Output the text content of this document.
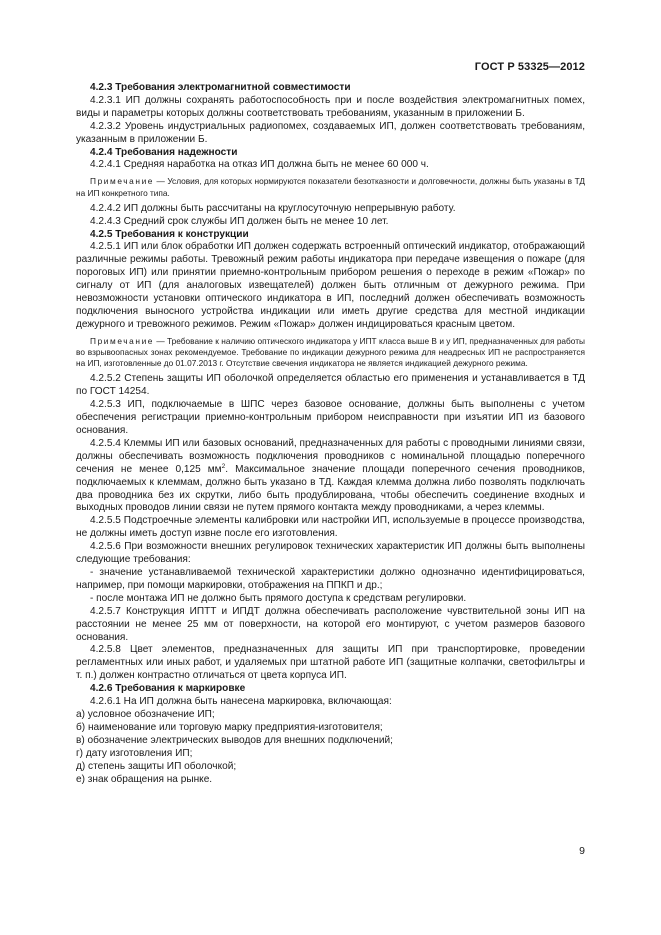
ГОСТ Р 53325—2012

4.2.3 Требования электромагнитной совместимости

4.2.3.1 ИП должны сохранять работоспособность при и после воздействия электромагнитных помех, виды и параметры которых должны соответствовать требованиям, указанным в приложении Б.

4.2.3.2 Уровень индустриальных радиопомех, создаваемых ИП, должен соответствовать требованиям, указанным в приложении Б.

4.2.4 Требования надежности

4.2.4.1 Средняя наработка на отказ ИП должна быть не менее 60 000 ч.

Примечание — Условия, для которых нормируются показатели безотказности и долговечности, должны быть указаны в ТД на ИП конкретного типа.

4.2.4.2 ИП должны быть рассчитаны на круглосуточную непрерывную работу.

4.2.4.3 Средний срок службы ИП должен быть не менее 10 лет.

4.2.5 Требования к конструкции

4.2.5.1 ИП или блок обработки ИП должен содержать встроенный оптический индикатор, отображающий различные режимы работы. Тревожный режим работы индикатора при передаче извещения о пожаре (для пороговых ИП) или принятии приемно-контрольным прибором решения о переходе в режим «Пожар» по сигналу от ИП (для аналоговых извещателей) должен быть отличным от дежурного режима. При невозможности установки оптического индикатора в ИП, последний должен обеспечивать возможность подключения выносного устройства индикации или иметь другие средства для местной индикации дежурного и тревожного режимов. Режим «Пожар» должен индицироваться красным цветом.

Примечание — Требование к наличию оптического индикатора у ИПТ класса выше В и у ИП, предназначенных для работы во взрывоопасных зонах рекомендуемое. Требование по индикации дежурного режима для неадресных ИП не распространяется на ИП, изготовленные до 01.07.2013 г. Отсутствие свечения индикатора не является индикацией дежурного режима.

4.2.5.2 Степень защиты ИП оболочкой определяется областью его применения и устанавливается в ТД по ГОСТ 14254.

4.2.5.3 ИП, подключаемые в ШПС через базовое основание, должны быть выполнены с учетом обеспечения регистрации приемно-контрольным прибором неисправности при изъятии ИП из базового основания.

4.2.5.4 Клеммы ИП или базовых оснований, предназначенных для работы с проводными линиями связи, должны обеспечивать возможность подключения проводников с номинальной площадью поперечного сечения не менее 0,125 $мм^2$. Максимальное значение площади поперечного сечения проводников, подключаемых к клеммам, должно быть указано в ТД. Каждая клемма должна либо позволять подключать два проводника без их скрутки, либо быть продублирована, чтобы обеспечить соединение входных и выходных проводов линии связи не путем прямого контакта между проводниками, а через клеммы.

4.2.5.5 Подстроечные элементы калибровки или настройки ИП, используемые в процессе производства, не должны иметь доступ извне после его изготовления.

4.2.5.6 При возможности внешних регулировок технических характеристик ИП должны быть выполнены следующие требования:

- значение устанавливаемой технической характеристики должно однозначно идентифицироваться, например, при помощи маркировки, отображения на ППКП и др.;

- после монтажа ИП не должно быть прямого доступа к средствам регулировки.

4.2.5.7 Конструкция ИПТТ и ИПДТ должна обеспечивать расположение чувствительной зоны ИП на расстоянии не менее 25 мм от поверхности, на которой его монтируют, с учетом размеров базового основания.

4.2.5.8 Цвет элементов, предназначенных для защиты ИП при транспортировке, проведении регламентных или иных работ, и удаляемых при штатной работе ИП (защитные колпачки, светофильтры и т. п.) должен контрастно отличаться от цвета корпуса ИП.

4.2.6 Требования к маркировке

4.2.6.1 На ИП должна быть нанесена маркировка, включающая:

а) условное обозначение ИП;

б) наименование или торговую марку предприятия-изготовителя;

в) обозначение электрических выводов для внешних подключений;

г) дату изготовления ИП;

д) степень защиты ИП оболочкой;

е) знак обращения на рынке.

9
